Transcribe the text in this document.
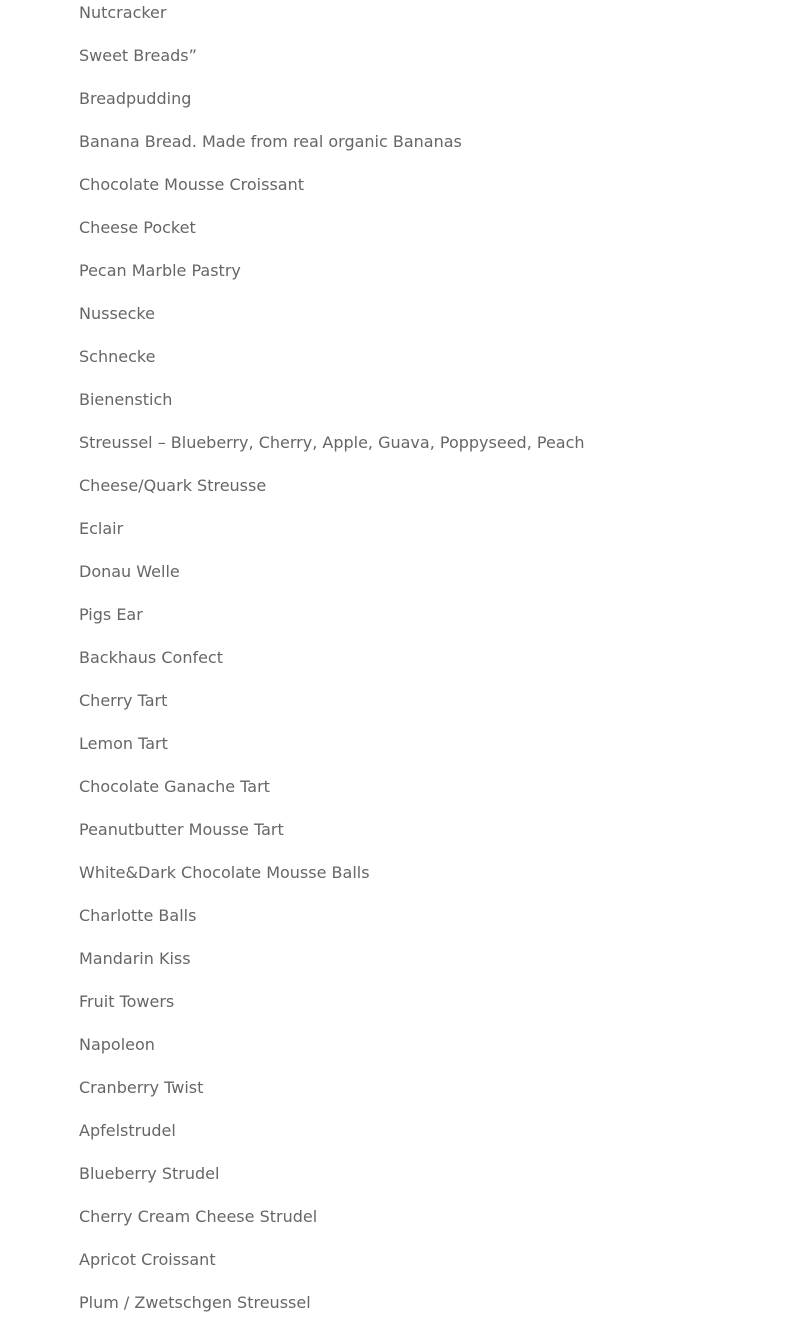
Nutcracker
Sweet Breads”
Breadpudding
Banana Bread. Made from real organic Bananas
Chocolate Mousse Croissant
Cheese Pocket
Pecan Marble Pastry
Nussecke
Schnecke
Bienenstich
Streussel – Blueberry, Cherry, Apple, Guava, Poppyseed, Peach
Cheese/Quark Streusse
Eclair
Donau Welle
Pigs Ear
Backhaus Confect
Cherry Tart
Lemon Tart
Chocolate Ganache Tart
Peanutbutter Mousse Tart
White&Dark Chocolate Mousse Balls
Charlotte Balls
Mandarin Kiss
Fruit Towers
Napoleon
Cranberry Twist
Apfelstrudel
Blueberry Strudel
Cherry Cream Cheese Strudel
Apricot Croissant
Plum / Zwetschgen Streussel
